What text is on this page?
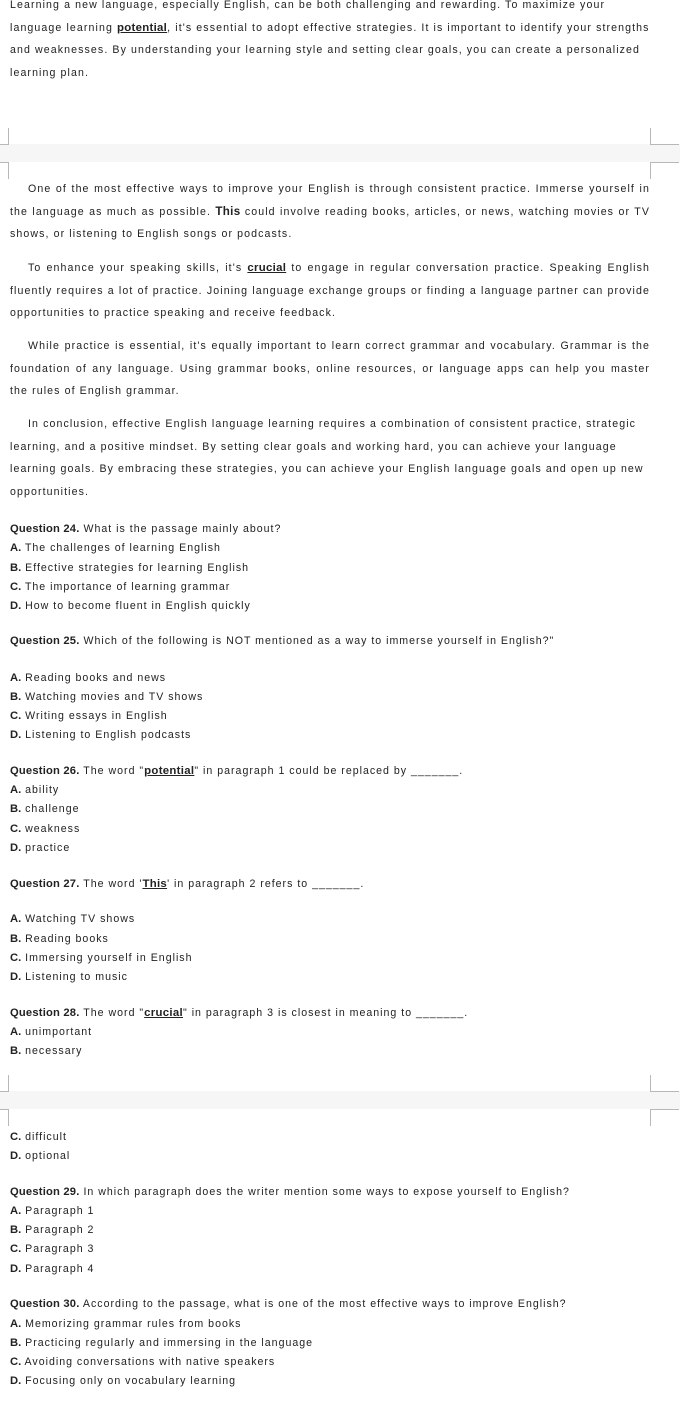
Learning a new language, especially English, can be both challenging and rewarding. To maximize your language learning potential, it's essential to adopt effective strategies. It is important to identify your strengths and weaknesses. By understanding your learning style and setting clear goals, you can create a personalized learning plan.

One of the most effective ways to improve your English is through consistent practice. Immerse yourself in the language as much as possible. This could involve reading books, articles, or news, watching movies or TV shows, or listening to English songs or podcasts.

To enhance your speaking skills, it's crucial to engage in regular conversation practice. Speaking English fluently requires a lot of practice. Joining language exchange groups or finding a language partner can provide opportunities to practice speaking and receive feedback.

While practice is essential, it's equally important to learn correct grammar and vocabulary. Grammar is the foundation of any language. Using grammar books, online resources, or language apps can help you master the rules of English grammar.

In conclusion, effective English language learning requires a combination of consistent practice, strategic learning, and a positive mindset. By setting clear goals and working hard, you can achieve your language learning goals. By embracing these strategies, you can achieve your English language goals and open up new opportunities.

Question 24. What is the passage mainly about?

A. The challenges of learning English

B. Effective strategies for learning English

C. The importance of learning grammar

D. How to become fluent in English quickly

Question 25. Which of the following is NOT mentioned as a way to immerse yourself in English?"

A. Reading books and news

B. Watching movies and TV shows

C. Writing essays in English

D. Listening to English podcasts

Question 26. The word "potential" in paragraph 1 could be replaced by _______.

A. ability

B. challenge

C. weakness

D. practice

Question 27. The word 'This' in paragraph 2 refers to _______.

A. Watching TV shows

B. Reading books

C. Immersing yourself in English

D. Listening to music

Question 28. The word "crucial" in paragraph 3 is closest in meaning to _______.

A. unimportant

B. necessary

C. difficult

D. optional

Question 29. In which paragraph does the writer mention some ways to expose yourself to English?

A. Paragraph 1

B. Paragraph 2

C. Paragraph 3

D. Paragraph 4

Question 30. According to the passage, what is one of the most effective ways to improve English?

A. Memorizing grammar rules from books

B. Practicing regularly and immersing in the language

C. Avoiding conversations with native speakers

D. Focusing only on vocabulary learning
